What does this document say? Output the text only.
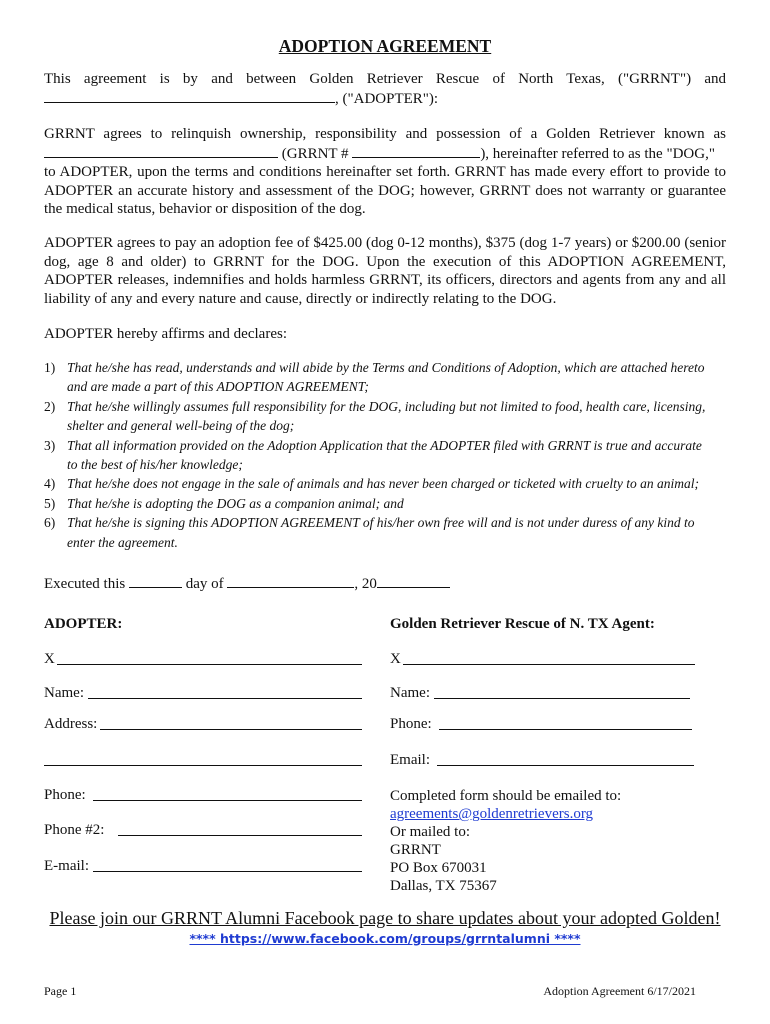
ADOPTION AGREEMENT
This agreement is by and between Golden Retriever Rescue of North Texas, ("GRRNT") and
, ("ADOPTER"):
GRRNT agrees to relinquish ownership, responsibility and possession of a Golden Retriever known as
(GRRNT #	), hereinafter referred to as the "DOG,"
to ADOPTER, upon the terms and conditions hereinafter set forth. GRRNT has made every effort to provide to
ADOPTER an accurate history and assessment of the DOG; however, GRRNT does not warranty or guarantee
the medical status, behavior or disposition of the dog.
ADOPTER agrees to pay an adoption fee of $425.00 (dog 0-12 months), $375 (dog 1-7 years) or $200.00 (senior
dog, age 8 and older) to GRRNT for the DOG. Upon the execution of this ADOPTION AGREEMENT,
ADOPTER releases, indemnifies and holds harmless GRRNT, its officers, directors and agents from any and all
liability of any and every nature and cause, directly or indirectly relating to the DOG.
ADOPTER hereby affirms and declares:
1) That he/she has read, understands and will abide by the Terms and Conditions of Adoption, which are attached hereto
and are made a part of this ADOPTION AGREEMENT;
2) That he/she willingly assumes full responsibility for the DOG, including but not limited to food, health care, licensing,
shelter and general well-being of the dog;
3) That all information provided on the Adoption Application that the ADOPTER filed with GRRNT is true and accurate
to the best of his/her knowledge;
4) That he/she does not engage in the sale of animals and has never been charged or ticketed with cruelty to an animal;
5) That he/she is adopting the DOG as a companion animal; and
6) That he/she is signing this ADOPTION AGREEMENT of his/her own free will and is not under duress of any kind to
enter the agreement.
Executed this	day of	, 20
ADOPTER:
X
Name:
Address:
Phone:
Phone #2:
E-mail:
Golden Retriever Rescue of N. TX Agent:
X
Name:
Phone:
Email:
Completed form should be emailed to:
agreements@goldenretrievers.org
Or mailed to:
GRRNT
PO Box 670031
Dallas, TX 75367
Please join our GRRNT Alumni Facebook page to share updates about your adopted Golden!
**** https://www.facebook.com/groups/grrntalumni ****
Page 1	Adoption Agreement 6/17/2021
